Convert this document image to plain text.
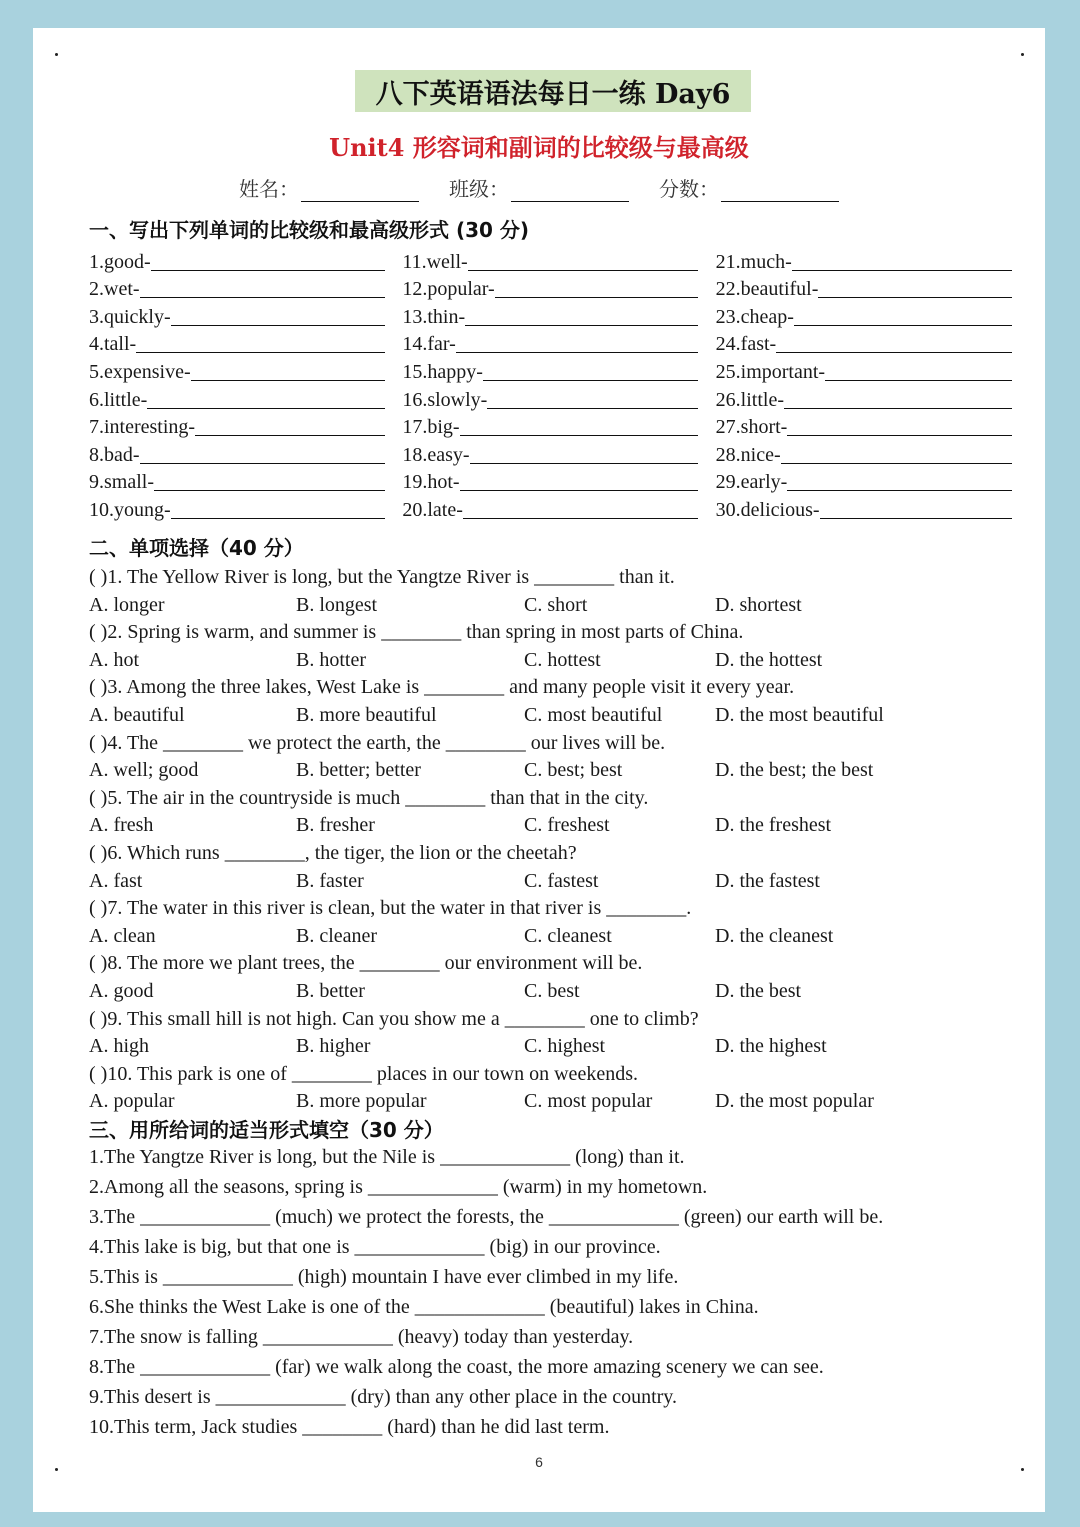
八下英语语法每日一练 Day6
Unit4 形容词和副词的比较级与最高级
姓名：	班级：	分数：
一、写出下列单词的比较级和最高级形式 (30 分)
1.good-	11.well-	21.much-
2.wet-	12.popular-	22.beautiful-
3.quickly-	13.thin-	23.cheap-
4.tall-	14.far-	24.fast-
5.expensive-	15.happy-	25.important-
6.little-	16.slowly-	26.little-
7.interesting-	17.big-	27.short-
8.bad-	18.easy-	28.nice-
9.small-	19.hot-	29.early-
10.young-	20.late-	30.delicious-
二、单项选择（40 分）
( )1. The Yellow River is long, but the Yangtze River is ________ than it.
A. longer	B. longest	C. short	D. shortest
( )2. Spring is warm, and summer is ________ than spring in most parts of China.
A. hot	B. hotter	C. hottest	D. the hottest
( )3. Among the three lakes, West Lake is ________ and many people visit it every year.
A. beautiful	B. more beautiful	C. most beautiful	D. the most beautiful
( )4. The ________ we protect the earth, the ________ our lives will be.
A. well; good	B. better; better	C. best; best	D. the best; the best
( )5. The air in the countryside is much ________ than that in the city.
A. fresh	B. fresher	C. freshest	D. the freshest
( )6. Which runs ________, the tiger, the lion or the cheetah?
A. fast	B. faster	C. fastest	D. the fastest
( )7. The water in this river is clean, but the water in that river is ________.
A. clean	B. cleaner	C. cleanest	D. the cleanest
( )8. The more we plant trees, the ________ our environment will be.
A. good	B. better	C. best	D. the best
( )9. This small hill is not high. Can you show me a ________ one to climb?
A. high	B. higher	C. highest	D. the highest
( )10. This park is one of ________ places in our town on weekends.
A. popular	B. more popular	C. most popular	D. the most popular
三、用所给词的适当形式填空（30 分）
1.The Yangtze River is long, but the Nile is _____________ (long) than it.
2.Among all the seasons, spring is _____________ (warm) in my hometown.
3.The _____________ (much) we protect the forests, the _____________ (green) our earth will be.
4.This lake is big, but that one is _____________ (big) in our province.
5.This is _____________ (high) mountain I have ever climbed in my life.
6.She thinks the West Lake is one of the _____________ (beautiful) lakes in China.
7.The snow is falling _____________ (heavy) today than yesterday.
8.The _____________ (far) we walk along the coast, the more amazing scenery we can see.
9.This desert is _____________ (dry) than any other place in the country.
10.This term, Jack studies ________ (hard) than he did last term.
6
